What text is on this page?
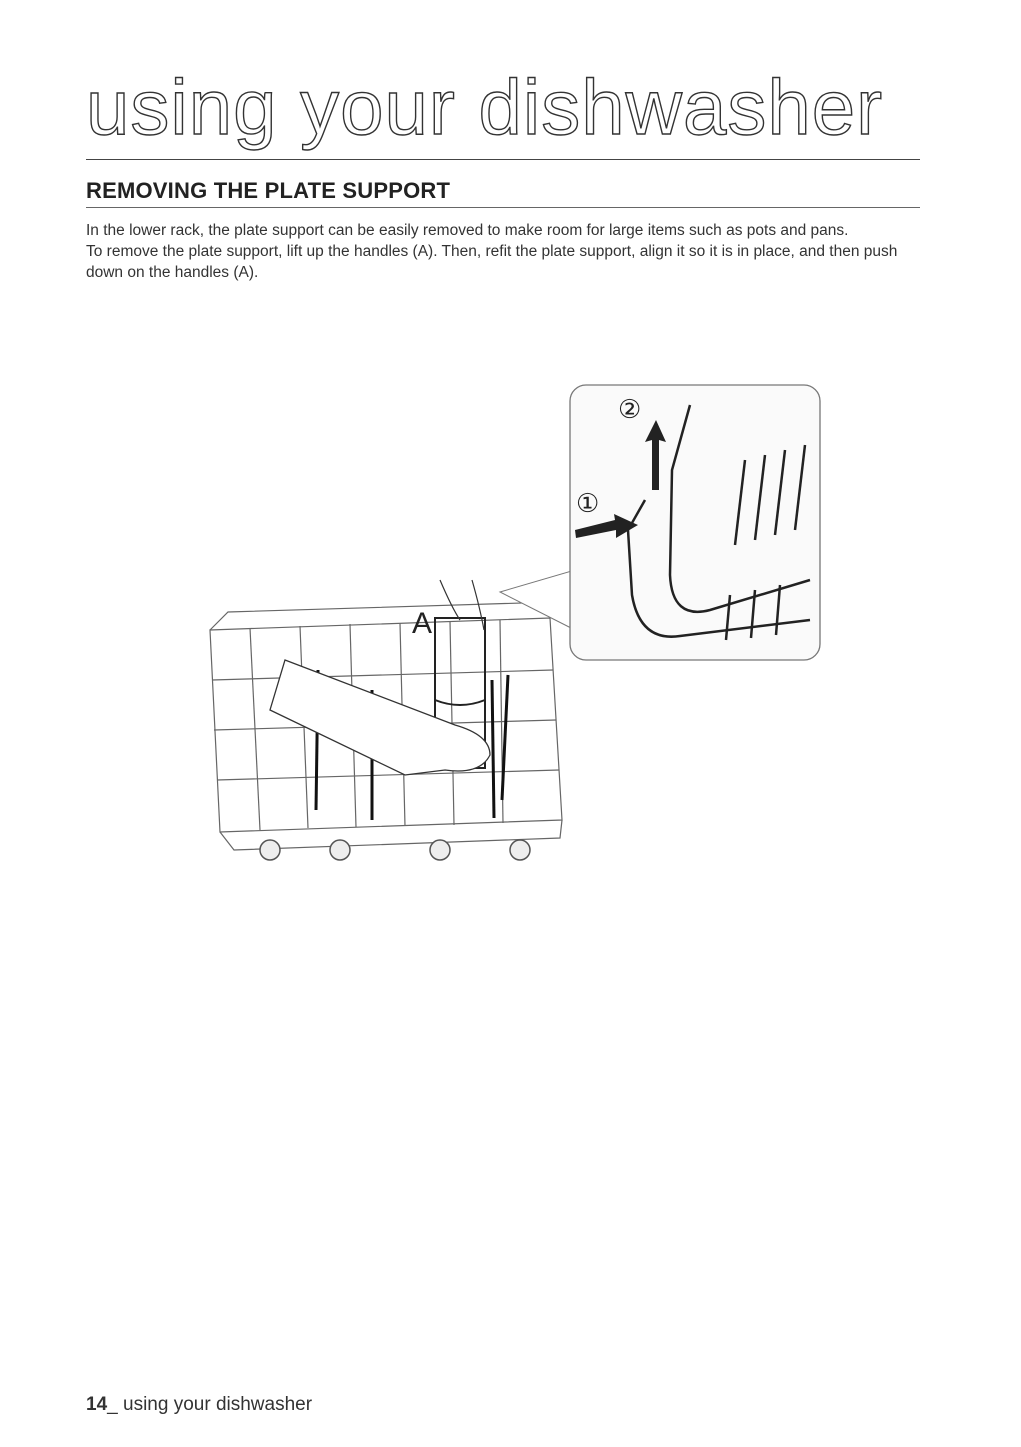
using your dishwasher
REMOVING THE PLATE SUPPORT

In the lower rack, the plate support can be easily removed to make room for large items such as pots and pans.

To remove the plate support, lift up the handles (A). Then, refit the plate support, align it so it is in place, and then push down on the handles (A).

A
②
①
14_ using your dishwasher
